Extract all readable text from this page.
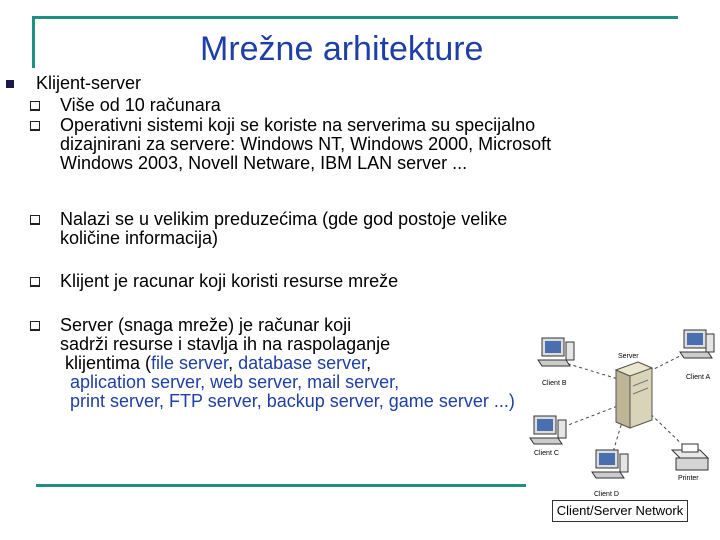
Mrežne arhitekture
Klijent-server
Više od 10 računara
Operativni sistemi koji se koriste na serverima su specijalno
dizajnirani za servere: Windows NT, Windows 2000, Microsoft
Windows 2003, Novell Netware, IBM LAN server ...
Nalazi se u velikim preduzećima (gde god postoje velike
količine informacija)
Klijent je racunar koji koristi resurse mreže
Server (snaga mreže) je računar koji
sadrži resurse i stavlja ih na raspolaganje
klijentima (file server, database server,
aplication server, web server, mail server,
print server, FTP server, backup server, game server ...)
Server
Client B
Client A
Client C
Client D
Printer
Client/Server Network
